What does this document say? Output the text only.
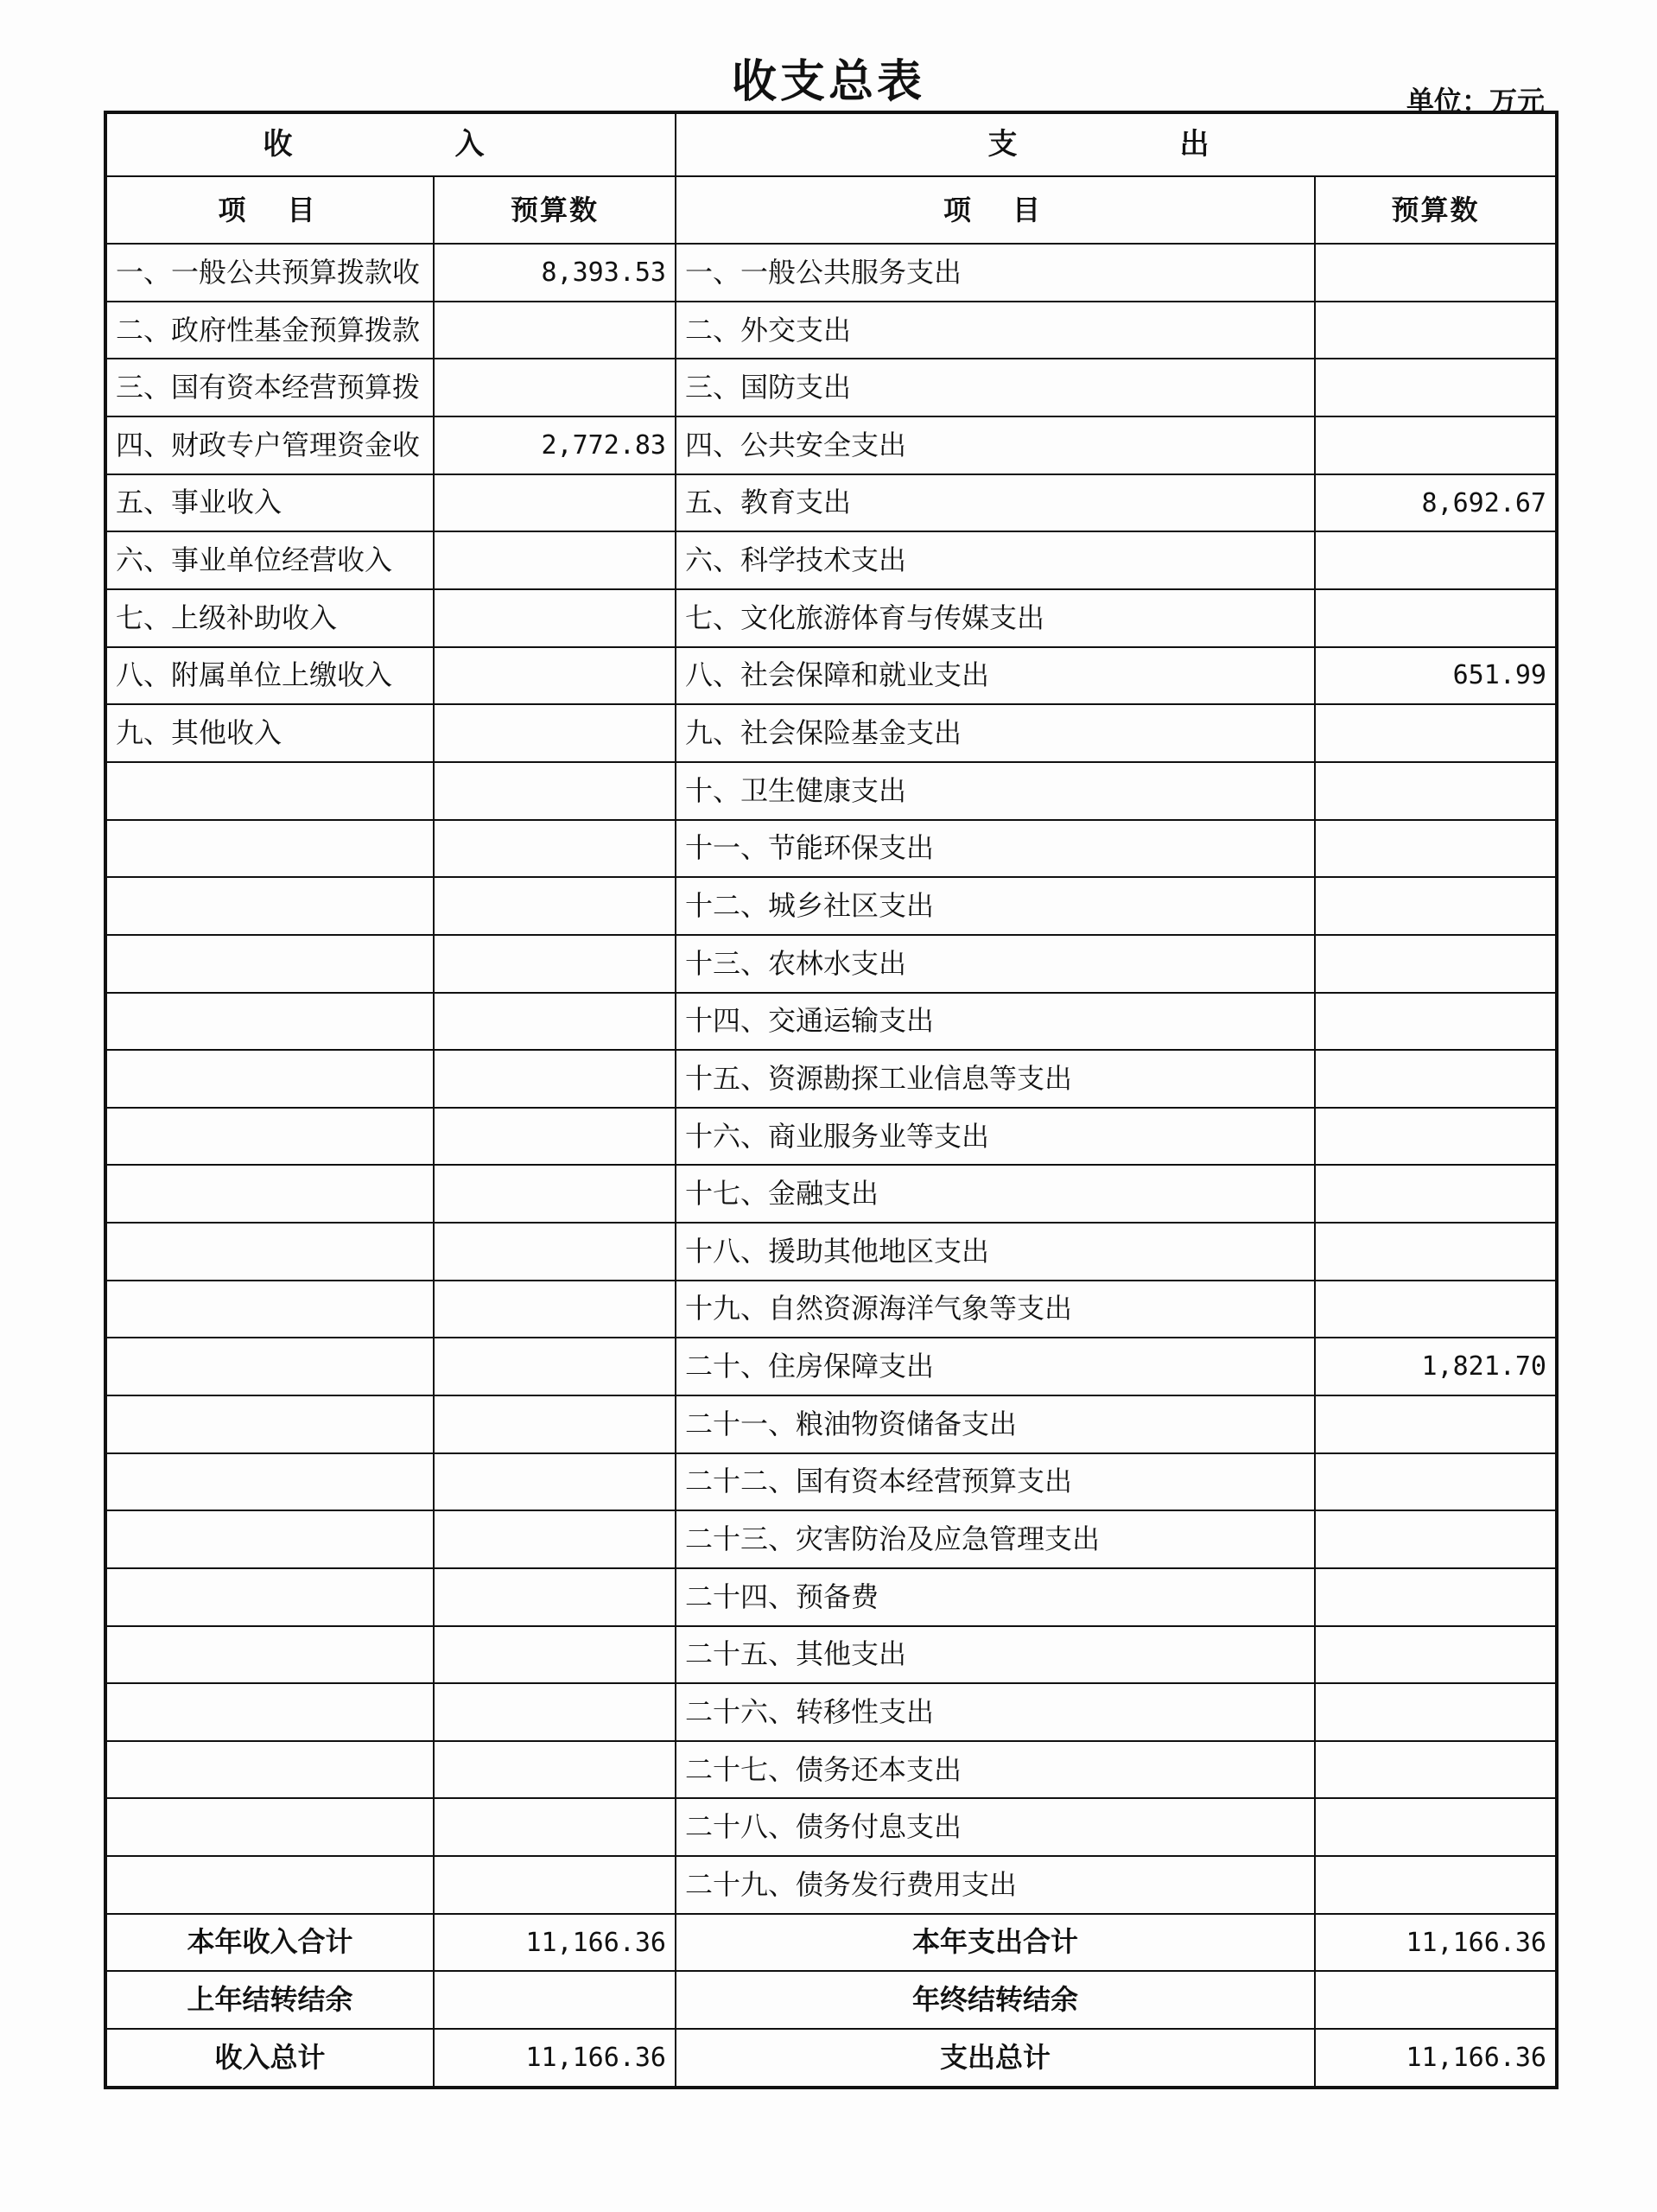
收支总表	单位：万元
收　　入		支　　出	
项　目	预算数	项　目	预算数
一、一般公共预算拨款收	8,393.53	一、一般公共服务支出	
二、政府性基金预算拨款		二、外交支出	
三、国有资本经营预算拨		三、国防支出	
四、财政专户管理资金收	2,772.83	四、公共安全支出	
五、事业收入		五、教育支出	8,692.67
六、事业单位经营收入		六、科学技术支出	
七、上级补助收入		七、文化旅游体育与传媒支出	
八、附属单位上缴收入		八、社会保障和就业支出	651.99
九、其他收入		九、社会保险基金支出	
		十、卫生健康支出	
		十一、节能环保支出	
		十二、城乡社区支出	
		十三、农林水支出	
		十四、交通运输支出	
		十五、资源勘探工业信息等支出	
		十六、商业服务业等支出	
		十七、金融支出	
		十八、援助其他地区支出	
		十九、自然资源海洋气象等支出	
		二十、住房保障支出	1,821.70
		二十一、粮油物资储备支出	
		二十二、国有资本经营预算支出	
		二十三、灾害防治及应急管理支出	
		二十四、预备费	
		二十五、其他支出	
		二十六、转移性支出	
		二十七、债务还本支出	
		二十八、债务付息支出	
		二十九、债务发行费用支出	
本年收入合计	11,166.36	本年支出合计	11,166.36
上年结转结余		年终结转结余	
收入总计	11,166.36	支出总计	11,166.36
